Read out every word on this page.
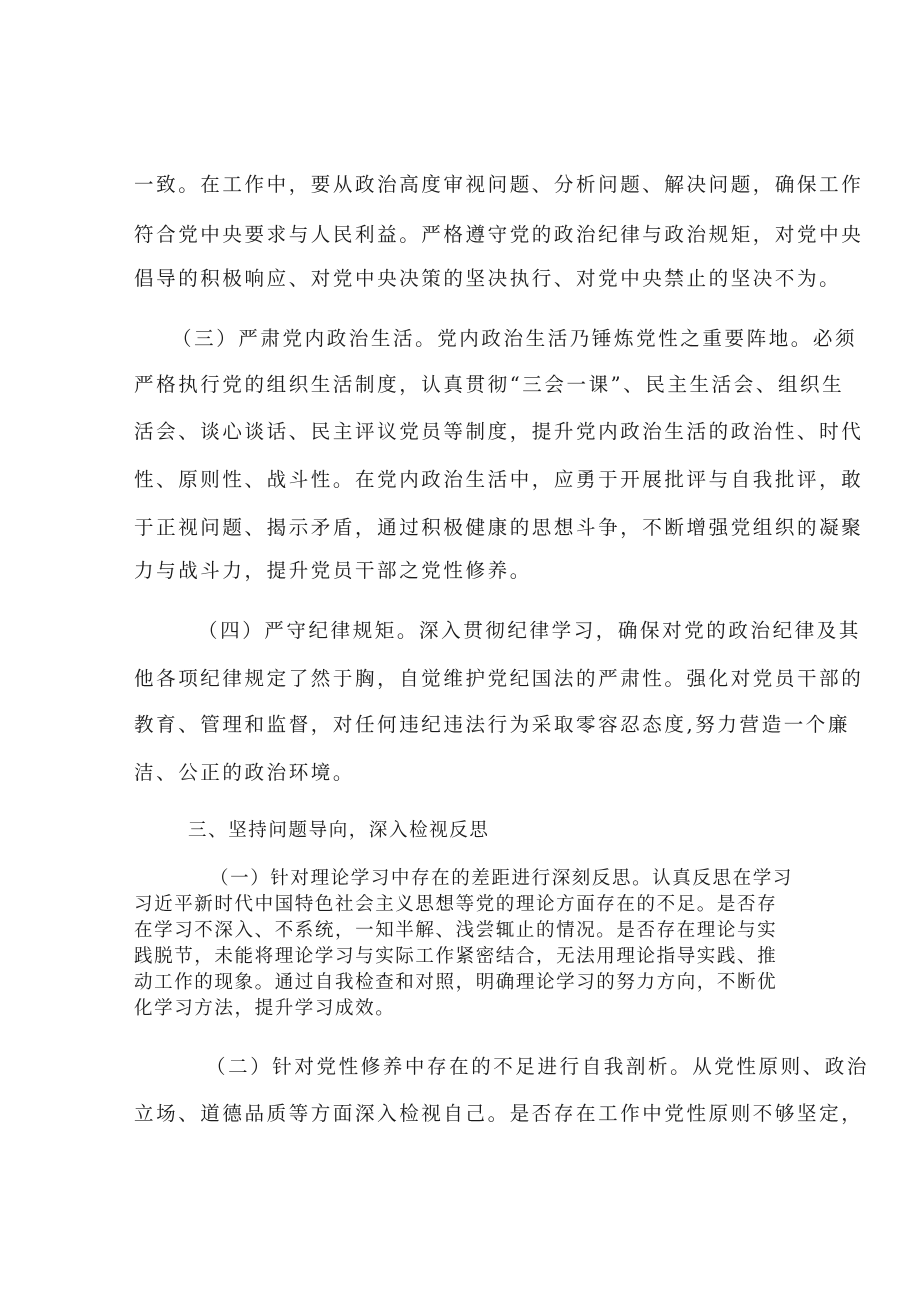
一致。在工作中，要从政治高度审视问题、分析问题、解决问题，确保工作
符合党中央要求与人民利益。严格遵守党的政治纪律与政治规矩，对党中央
倡导的积极响应、对党中央决策的坚决执行、对党中央禁止的坚决不为。
（三）严肃党内政治生活。党内政治生活乃锤炼党性之重要阵地。必须
严格执行党的组织生活制度，认真贯彻“三会一课”、民主生活会、组织生
活会、谈心谈话、民主评议党员等制度，提升党内政治生活的政治性、时代
性、原则性、战斗性。在党内政治生活中，应勇于开展批评与自我批评，敢
于正视问题、揭示矛盾，通过积极健康的思想斗争，不断增强党组织的凝聚
力与战斗力，提升党员干部之党性修养。
（四）严守纪律规矩。深入贯彻纪律学习，确保对党的政治纪律及其
他各项纪律规定了然于胸，自觉维护党纪国法的严肃性。强化对党员干部的
教育、管理和监督，对任何违纪违法行为采取零容忍态度,努力营造一个廉
洁、公正的政治环境。
三、坚持问题导向，深入检视反思
（一）针对理论学习中存在的差距进行深刻反思。认真反思在学习
习近平新时代中国特色社会主义思想等党的理论方面存在的不足。是否存
在学习不深入、不系统，一知半解、浅尝辄止的情况。是否存在理论与实
践脱节，未能将理论学习与实际工作紧密结合，无法用理论指导实践、推
动工作的现象。通过自我检查和对照，明确理论学习的努力方向，不断优
化学习方法，提升学习成效。
（二）针对党性修养中存在的不足进行自我剖析。从党性原则、政治
立场、道德品质等方面深入检视自己。是否存在工作中党性原则不够坚定，
